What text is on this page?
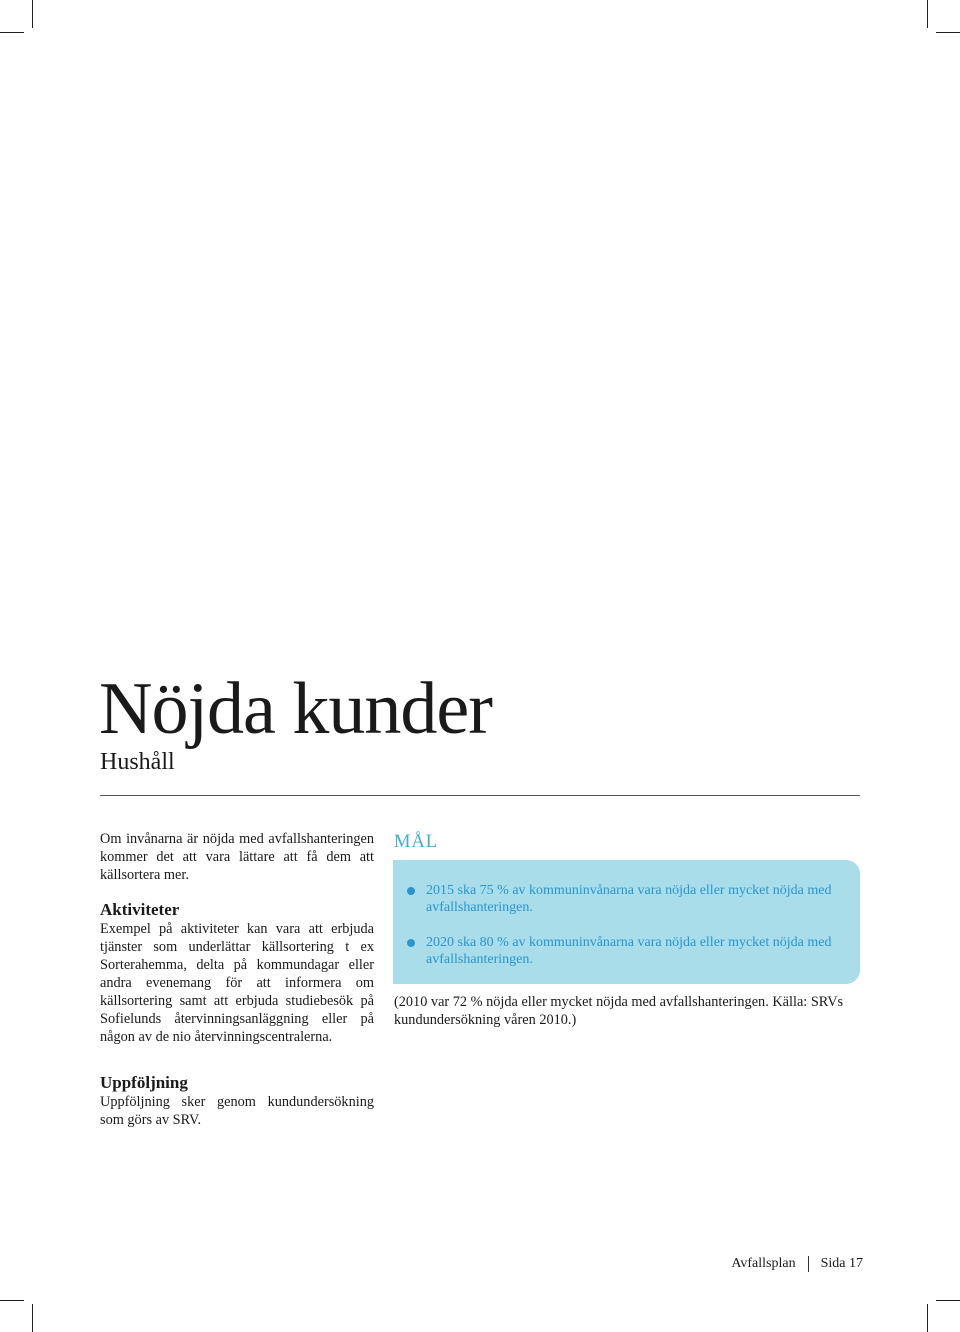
Nöjda kunder
Hushåll

Om invånarna är nöjda med avfallshanteringen kommer det att vara lättare att få dem att källsortera mer.

Aktiviteter

Exempel på aktiviteter kan vara att erbjuda tjänster som underlättar källsortering t ex Sorterahemma, delta på kommundagar eller andra evenemang för att informera om källsortering samt att erbjuda studiebesök på Sofielunds återvinningsanläggning eller på någon av de nio återvinningscentralerna.

Uppföljning

Uppföljning sker genom kundundersökning som görs av SRV.

MÅL
2015 ska 75 % av kommuninvånarna vara nöjda eller mycket nöjda med avfallshanteringen.
2020 ska 80 % av kommuninvånarna vara nöjda eller mycket nöjda med avfallshanteringen.

(2010 var 72 % nöjda eller mycket nöjda med avfallshanteringen. Källa: SRVs kundundersökning våren 2010.)

Avfallsplan Sida 17
